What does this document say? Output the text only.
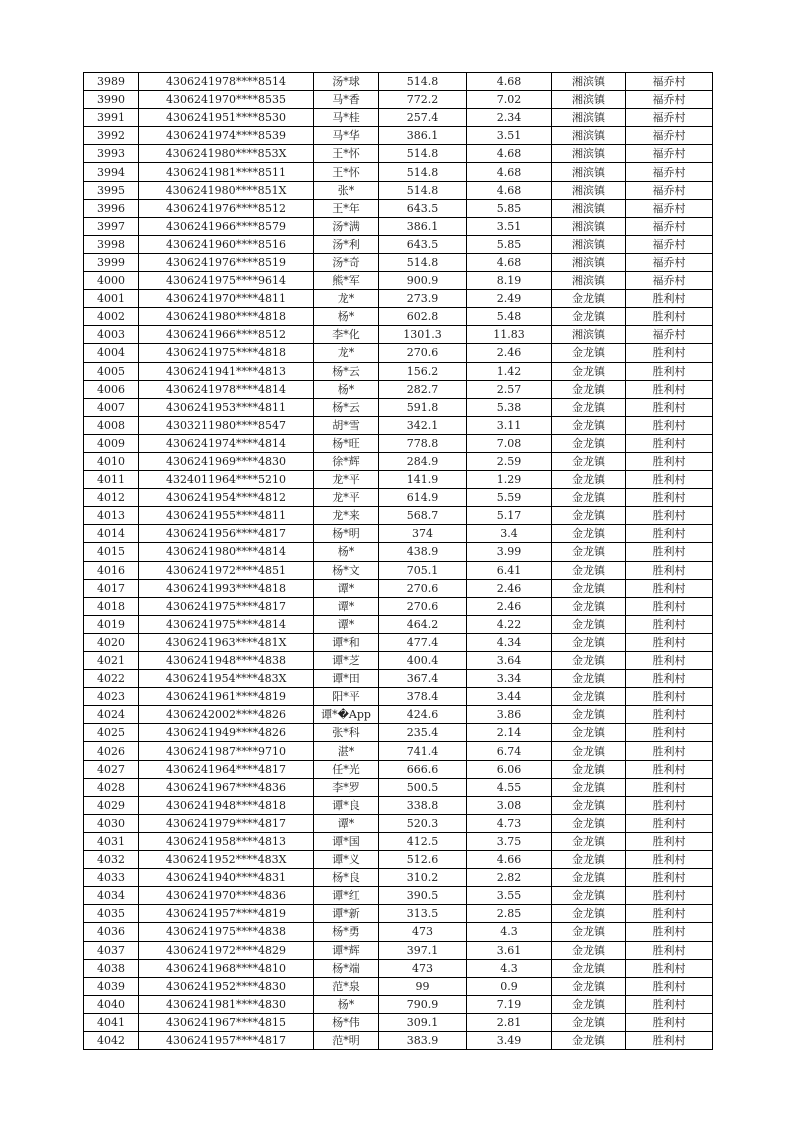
3989	4306241978****8514	汤*球	514.8	4.68	湘滨镇	福乔村
3990	4306241970****8535	马*香	772.2	7.02	湘滨镇	福乔村
3991	4306241951****8530	马*桂	257.4	2.34	湘滨镇	福乔村
3992	4306241974****8539	马*华	386.1	3.51	湘滨镇	福乔村
3993	4306241980****853X	王*怀	514.8	4.68	湘滨镇	福乔村
3994	4306241981****8511	王*怀	514.8	4.68	湘滨镇	福乔村
3995	4306241980****851X	张*	514.8	4.68	湘滨镇	福乔村
3996	4306241976****8512	王*年	643.5	5.85	湘滨镇	福乔村
3997	4306241966****8579	汤*满	386.1	3.51	湘滨镇	福乔村
3998	4306241960****8516	汤*利	643.5	5.85	湘滨镇	福乔村
3999	4306241976****8519	汤*奇	514.8	4.68	湘滨镇	福乔村
4000	4306241975****9614	熊*军	900.9	8.19	湘滨镇	福乔村
4001	4306241970****4811	龙*	273.9	2.49	金龙镇	胜利村
4002	4306241980****4818	杨*	602.8	5.48	金龙镇	胜利村
4003	4306241966****8512	李*化	1301.3	11.83	湘滨镇	福乔村
4004	4306241975****4818	龙*	270.6	2.46	金龙镇	胜利村
4005	4306241941****4813	杨*云	156.2	1.42	金龙镇	胜利村
4006	4306241978****4814	杨*	282.7	2.57	金龙镇	胜利村
4007	4306241953****4811	杨*云	591.8	5.38	金龙镇	胜利村
4008	4303211980****8547	胡*雪	342.1	3.11	金龙镇	胜利村
4009	4306241974****4814	杨*旺	778.8	7.08	金龙镇	胜利村
4010	4306241969****4830	徐*辉	284.9	2.59	金龙镇	胜利村
4011	4324011964****5210	龙*平	141.9	1.29	金龙镇	胜利村
4012	4306241954****4812	龙*平	614.9	5.59	金龙镇	胜利村
4013	4306241955****4811	龙*来	568.7	5.17	金龙镇	胜利村
4014	4306241956****4817	杨*明	374	3.4	金龙镇	胜利村
4015	4306241980****4814	杨*	438.9	3.99	金龙镇	胜利村
4016	4306241972****4851	杨*文	705.1	6.41	金龙镇	胜利村
4017	4306241993****4818	谭*	270.6	2.46	金龙镇	胜利村
4018	4306241975****4817	谭*	270.6	2.46	金龙镇	胜利村
4019	4306241975****4814	谭*	464.2	4.22	金龙镇	胜利村
4020	4306241963****481X	谭*和	477.4	4.34	金龙镇	胜利村
4021	4306241948****4838	谭*芝	400.4	3.64	金龙镇	胜利村
4022	4306241954****483X	谭*田	367.4	3.34	金龙镇	胜利村
4023	4306241961****4819	阳*平	378.4	3.44	金龙镇	胜利村
4024	4306242002****4826	谭*�App	424.6	3.86	金龙镇	胜利村
4025	4306241949****4826	张*科	235.4	2.14	金龙镇	胜利村
4026	4306241987****9710	湛*	741.4	6.74	金龙镇	胜利村
4027	4306241964****4817	任*光	666.6	6.06	金龙镇	胜利村
4028	4306241967****4836	李*罗	500.5	4.55	金龙镇	胜利村
4029	4306241948****4818	谭*良	338.8	3.08	金龙镇	胜利村
4030	4306241979****4817	谭*	520.3	4.73	金龙镇	胜利村
4031	4306241958****4813	谭*国	412.5	3.75	金龙镇	胜利村
4032	4306241952****483X	谭*义	512.6	4.66	金龙镇	胜利村
4033	4306241940****4831	杨*良	310.2	2.82	金龙镇	胜利村
4034	4306241970****4836	谭*红	390.5	3.55	金龙镇	胜利村
4035	4306241957****4819	谭*新	313.5	2.85	金龙镇	胜利村
4036	4306241975****4838	杨*勇	473	4.3	金龙镇	胜利村
4037	4306241972****4829	谭*辉	397.1	3.61	金龙镇	胜利村
4038	4306241968****4810	杨*端	473	4.3	金龙镇	胜利村
4039	4306241952****4830	范*泉	99	0.9	金龙镇	胜利村
4040	4306241981****4830	杨*	790.9	7.19	金龙镇	胜利村
4041	4306241967****4815	杨*伟	309.1	2.81	金龙镇	胜利村
4042	4306241957****4817	范*明	383.9	3.49	金龙镇	胜利村
